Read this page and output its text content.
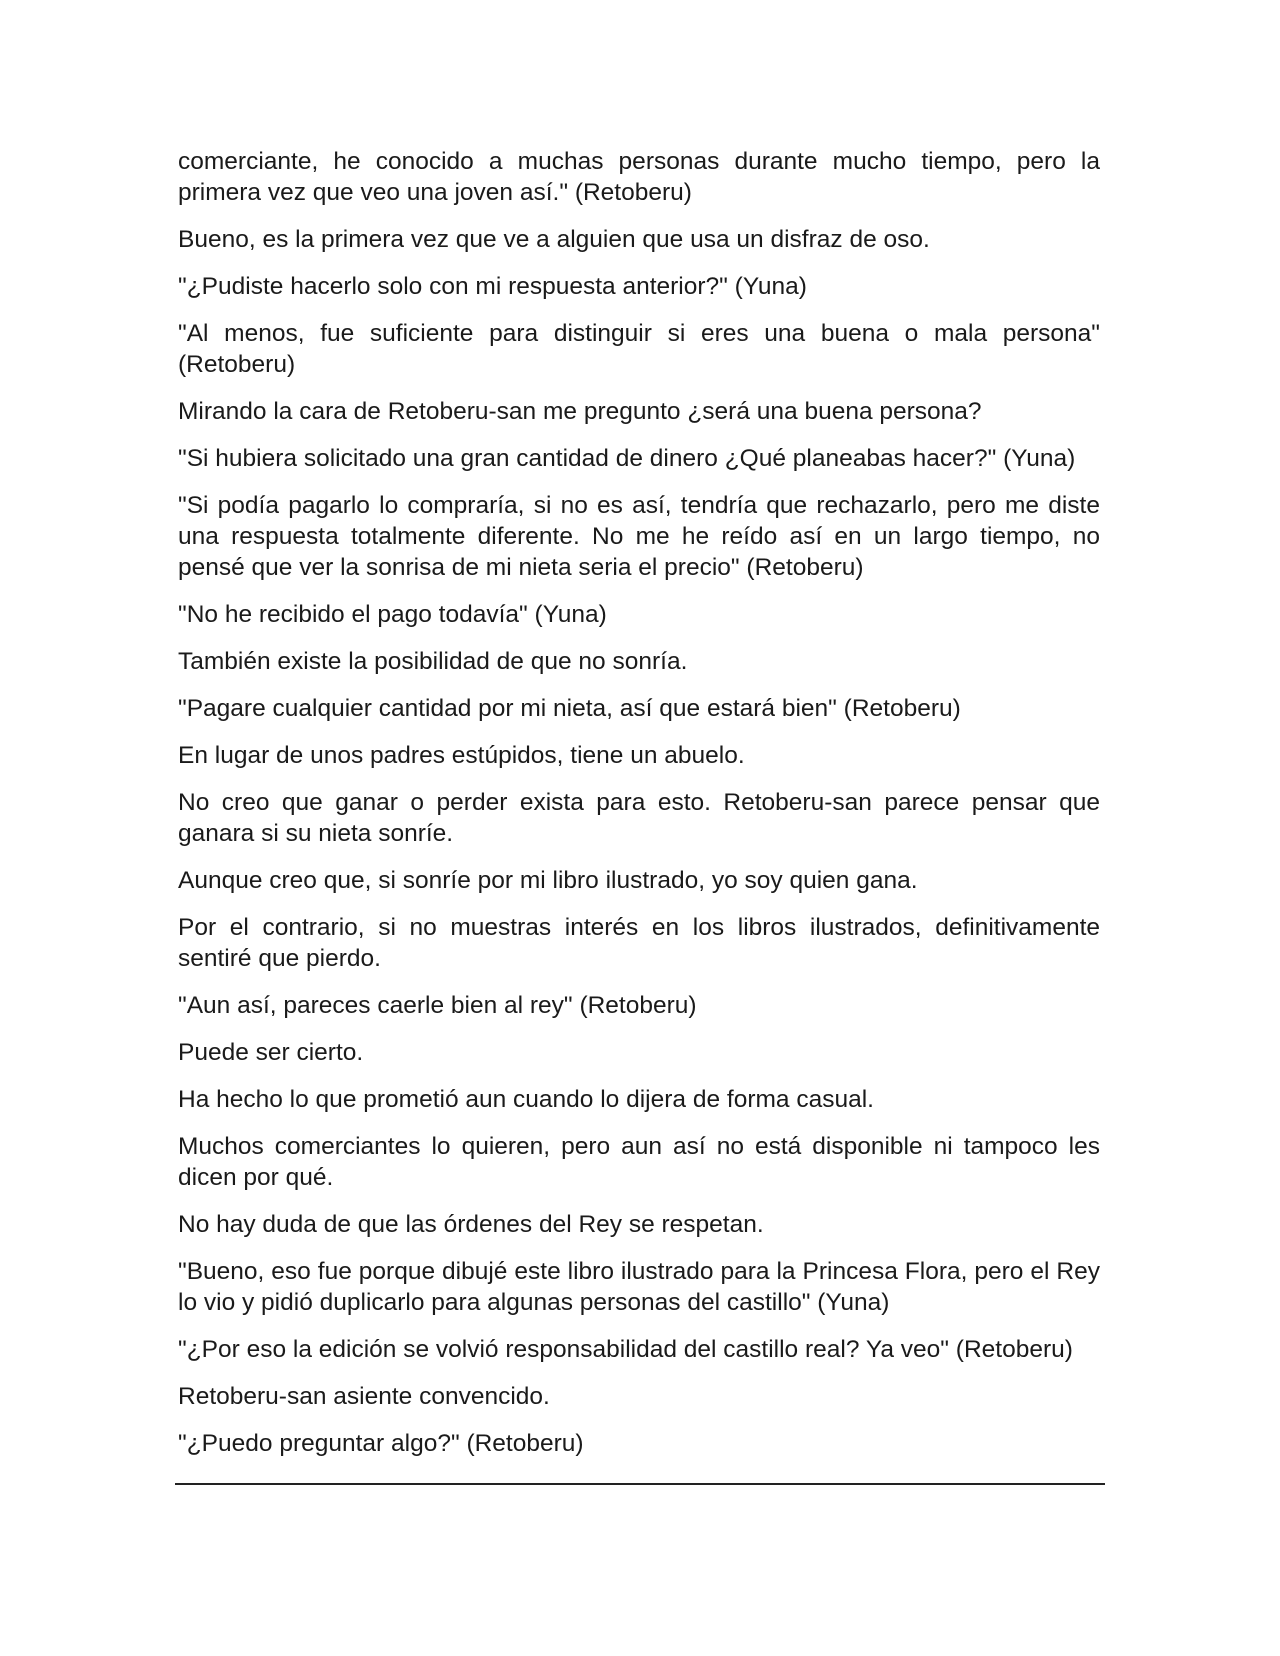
comerciante, he conocido a muchas personas durante mucho tiempo, pero la primera vez que veo una joven así." (Retoberu)

Bueno, es la primera vez que ve a alguien que usa un disfraz de oso.

"¿Pudiste hacerlo solo con mi respuesta anterior?" (Yuna)

"Al menos, fue suficiente para distinguir si eres una buena o mala persona" (Retoberu)

Mirando la cara de Retoberu-san me pregunto ¿será una buena persona?

"Si hubiera solicitado una gran cantidad de dinero ¿Qué planeabas hacer?" (Yuna)

"Si podía pagarlo lo compraría, si no es así, tendría que rechazarlo, pero me diste una respuesta totalmente diferente. No me he reído así en un largo tiempo, no pensé que ver la sonrisa de mi nieta seria el precio" (Retoberu)

"No he recibido el pago todavía" (Yuna)

También existe la posibilidad de que no sonría.

"Pagare cualquier cantidad por mi nieta, así que estará bien" (Retoberu)

En lugar de unos padres estúpidos, tiene un abuelo.

No creo que ganar o perder exista para esto. Retoberu-san parece pensar que ganara si su nieta sonríe.

Aunque creo que, si sonríe por mi libro ilustrado, yo soy quien gana.

Por el contrario, si no muestras interés en los libros ilustrados, definitivamente sentiré que pierdo.

"Aun así, pareces caerle bien al rey" (Retoberu)

Puede ser cierto.

Ha hecho lo que prometió aun cuando lo dijera de forma casual.

Muchos comerciantes lo quieren, pero aun así no está disponible ni tampoco les dicen por qué.

No hay duda de que las órdenes del Rey se respetan.

"Bueno, eso fue porque dibujé este libro ilustrado para la Princesa Flora, pero el Rey lo vio y pidió duplicarlo para algunas personas del castillo" (Yuna)

"¿Por eso la edición se volvió responsabilidad del castillo real? Ya veo" (Retoberu)

Retoberu-san asiente convencido.

"¿Puedo preguntar algo?" (Retoberu)
